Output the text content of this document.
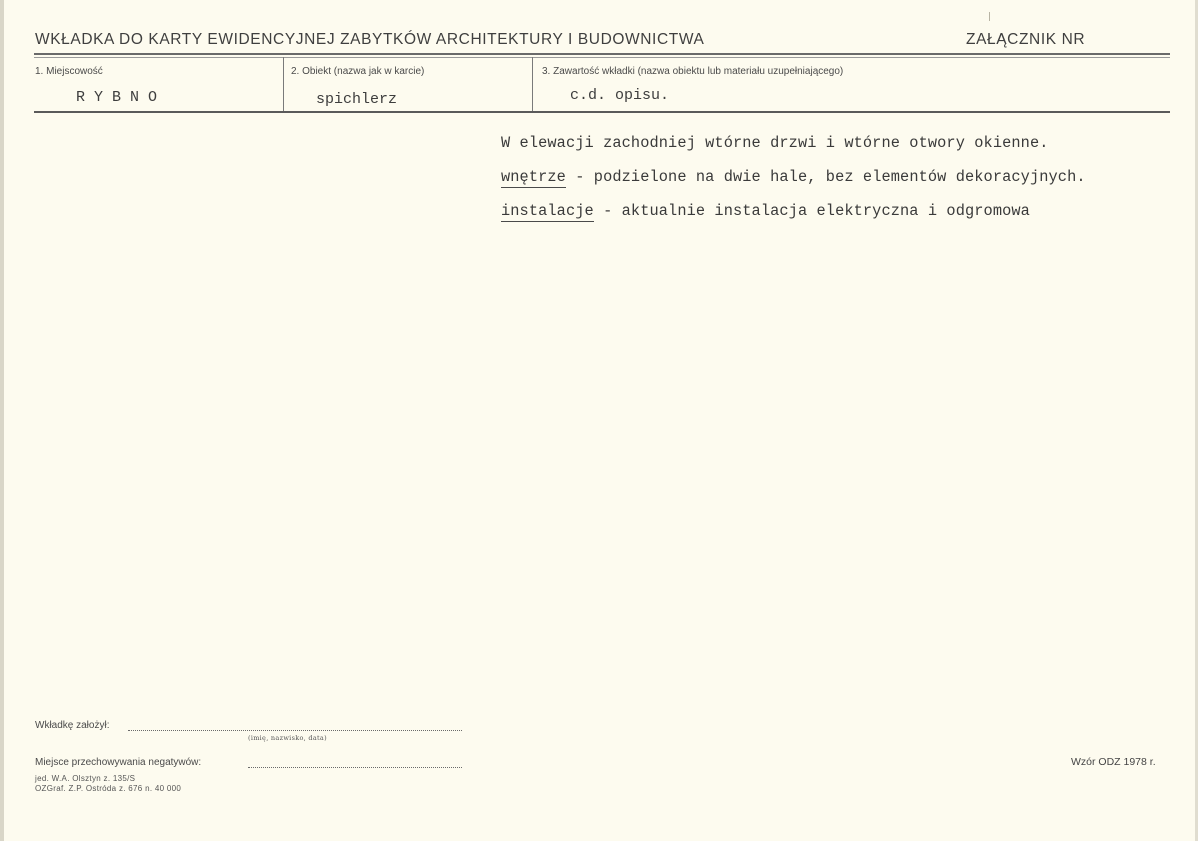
WKŁADKA DO KARTY EWIDENCYJNEJ ZABYTKÓW ARCHITEKTURY I BUDOWNICTWA	ZAŁĄCZNIK NR
1. Miejscowość
R Y B N O
2. Obiekt (nazwa jak w karcie)
spichlerz
3. Zawartość wkładki (nazwa obiektu lub materiału uzupełniającego)
c.d. opisu.
W elewacji zachodniej wtórne drzwi i wtórne otwory okienne.
wnętrze - podzielone na dwie hale, bez elementów dekoracyjnych.
instalacje - aktualnie instalacja elektryczna i odgromowa
Wkładkę założył:
(imię, nazwisko, data)
Miejsce przechowywania negatywów:
jed. W.A. Olsztyn z. 135/S
OZGraf. Z.P. Ostróda z. 676 n. 40 000
Wzór ODZ 1978 r.
